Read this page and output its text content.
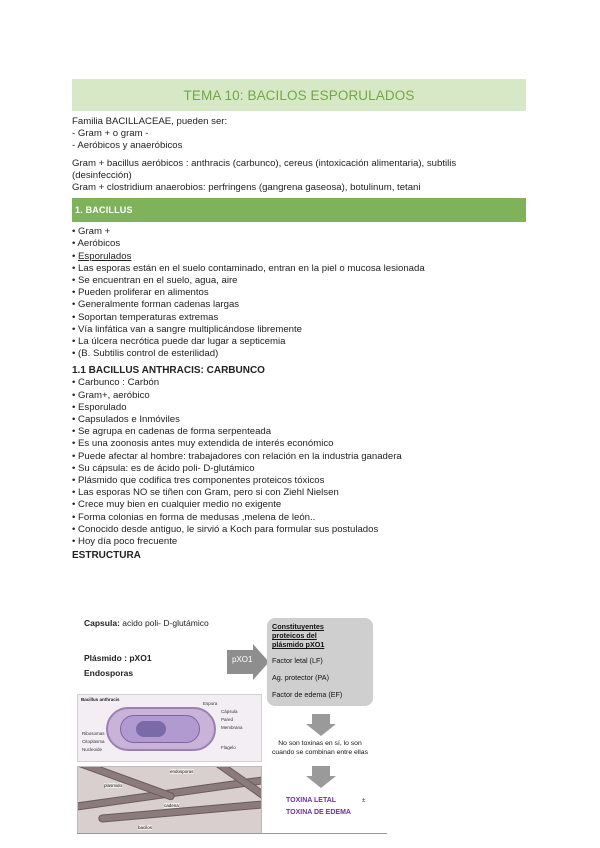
TEMA 10: BACILOS ESPORULADOS
Familia BACILLACEAE, pueden ser:
- Gram + o gram -
- Aeróbicos y anaeróbicos
Gram + bacillus aeróbicos : anthracis (carbunco), cereus (intoxicación alimentaria), subtilis
(desinfección)
Gram + clostridium anaerobios: perfringens (gangrena gaseosa), botulinum, tetani
1. BACILLUS
• Gram +
• Aeróbicos
• Esporulados
• Las esporas están en el suelo contaminado, entran en la piel o mucosa lesionada
• Se encuentran en el suelo, agua, aire
• Pueden proliferar en alimentos
• Generalmente forman cadenas largas
• Soportan temperaturas extremas
• Vía linfática van a sangre multiplicándose libremente
• La úlcera necrótica puede dar lugar a septicemia
• (B. Subtilis control de esterilidad)
1.1 BACILLUS ANTHRACIS: CARBUNCO
• Carbunco : Carbón
• Gram+, aeróbico
• Esporulado
• Capsulados e Inmóviles
• Se agrupa en cadenas de forma serpenteada
• Es una zoonosis antes muy extendida de interés económico
• Puede afectar al hombre: trabajadores con relación en la industria ganadera
• Su cápsula: es de ácido poli- D-glutámico
• Plásmido que codifica tres componentes proteicos tóxicos
• Las esporas NO se tiñen con Gram, pero si con Ziehl Nielsen
• Crece muy bien en cualquier medio no exigente
• Forma colonias en forma de medusas ,melena de león..
• Conocido desde antiguo, le sirvió a Koch para formular sus postulados
• Hoy día poco frecuente
ESTRUCTURA
Capsula: acido poli- D-glutámico
Plásmido : pXO1
Endosporas
Bacillus anthracis
Espora
Cápsula
Pared
Membrana
Ribosomas
Citoplasma
Nucleoide	Flagelo
endosporas
plasmido
cadena
bacilos
pXO1
Constituyentes
proteicos del
plásmido pXO1
Factor letal (LF)
Ag. protector (PA)
Factor de edema (EF)
No son toxinas en sí, lo son
cuando se combinan entre ellas
TOXINA LETAL
TOXINA DE EDEMA
±
